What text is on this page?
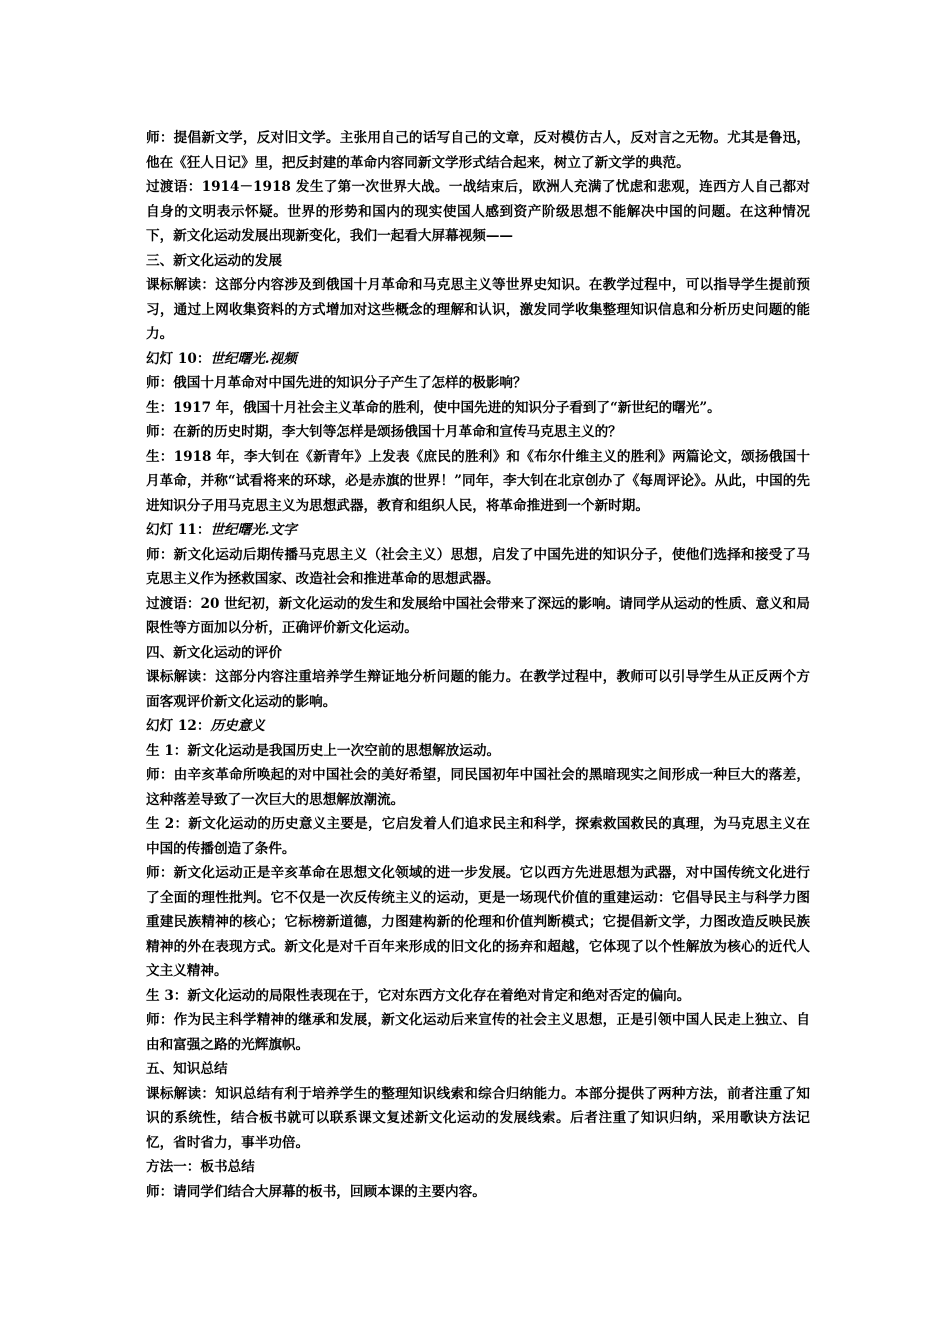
师：提倡新文学，反对旧文学。主张用自己的话写自己的文章，反对模仿古人，反对言之无物。尤其是鲁迅，他在《狂人日记》里，把反封建的革命内容同新文学形式结合起来，树立了新文学的典范。

过渡语：1914－1918 发生了第一次世界大战。一战结束后，欧洲人充满了忧虑和悲观，连西方人自己都对自身的文明表示怀疑。世界的形势和国内的现实使国人感到资产阶级思想不能解决中国的问题。在这种情况下，新文化运动发展出现新变化，我们一起看大屏幕视频——

三、新文化运动的发展

课标解读：这部分内容涉及到俄国十月革命和马克思主义等世界史知识。在教学过程中，可以指导学生提前预习，通过上网收集资料的方式增加对这些概念的理解和认识，激发同学收集整理知识信息和分析历史问题的能力。

幻灯 10：世纪曙光.视频

师：俄国十月革命对中国先进的知识分子产生了怎样的极影响？

生：1917 年，俄国十月社会主义革命的胜利，使中国先进的知识分子看到了“新世纪的曙光”。

师：在新的历史时期，李大钊等怎样是颂扬俄国十月革命和宣传马克思主义的？

生：1918 年，李大钊在《新青年》上发表《庶民的胜利》和《布尔什维主义的胜利》两篇论文，颂扬俄国十月革命，并称“试看将来的环球，必是赤旗的世界！”同年，李大钊在北京创办了《每周评论》。从此，中国的先进知识分子用马克思主义为思想武器，教育和组织人民，将革命推进到一个新时期。

幻灯 11：世纪曙光.文字

师：新文化运动后期传播马克思主义（社会主义）思想，启发了中国先进的知识分子，使他们选择和接受了马克思主义作为拯救国家、改造社会和推进革命的思想武器。

过渡语：20 世纪初，新文化运动的发生和发展给中国社会带来了深远的影响。请同学从运动的性质、意义和局限性等方面加以分析，正确评价新文化运动。

四、新文化运动的评价

课标解读：这部分内容注重培养学生辩证地分析问题的能力。在教学过程中，教师可以引导学生从正反两个方面客观评价新文化运动的影响。

幻灯 12：历史意义

生 1：新文化运动是我国历史上一次空前的思想解放运动。

师：由辛亥革命所唤起的对中国社会的美好希望，同民国初年中国社会的黑暗现实之间形成一种巨大的落差，这种落差导致了一次巨大的思想解放潮流。

生 2：新文化运动的历史意义主要是，它启发着人们追求民主和科学，探索救国救民的真理，为马克思主义在中国的传播创造了条件。

师：新文化运动正是辛亥革命在思想文化领域的进一步发展。它以西方先进思想为武器，对中国传统文化进行了全面的理性批判。它不仅是一次反传统主义的运动，更是一场现代价值的重建运动：它倡导民主与科学力图重建民族精神的核心；它标榜新道德，力图建构新的伦理和价值判断模式；它提倡新文学，力图改造反映民族精神的外在表现方式。新文化是对千百年来形成的旧文化的扬弃和超越，它体现了以个性解放为核心的近代人文主义精神。

生 3：新文化运动的局限性表现在于，它对东西方文化存在着绝对肯定和绝对否定的偏向。

师：作为民主科学精神的继承和发展，新文化运动后来宣传的社会主义思想，正是引领中国人民走上独立、自由和富强之路的光辉旗帜。

五、知识总结

课标解读：知识总结有利于培养学生的整理知识线索和综合归纳能力。本部分提供了两种方法，前者注重了知识的系统性，结合板书就可以联系课文复述新文化运动的发展线索。后者注重了知识归纳，采用歌诀方法记忆，省时省力，事半功倍。

方法一：板书总结

师：请同学们结合大屏幕的板书，回顾本课的主要内容。
